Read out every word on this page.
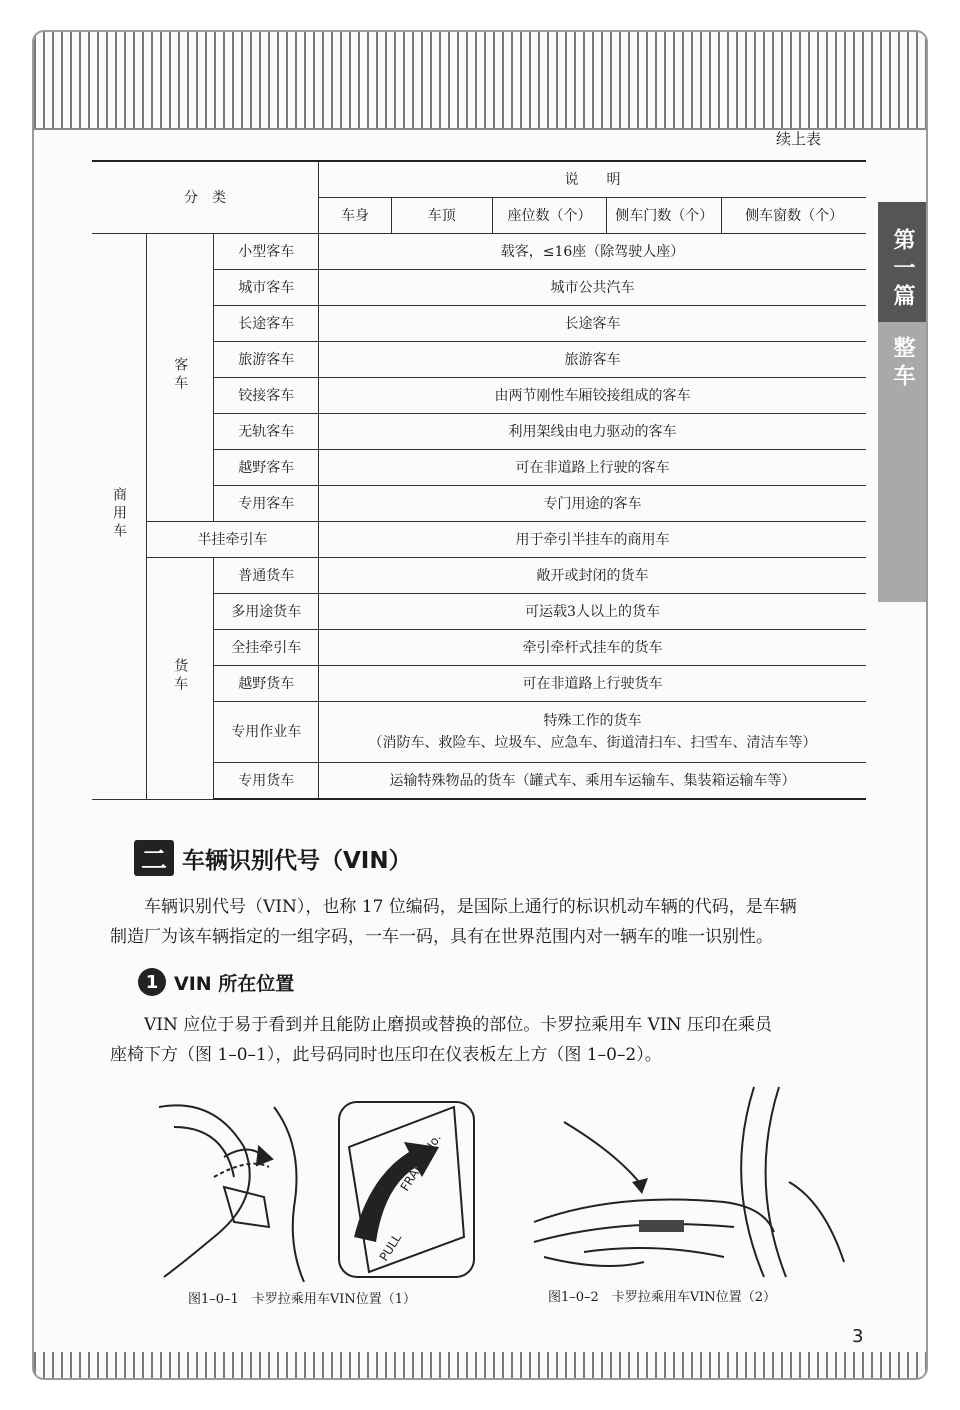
第一篇
整车
续上表
分　类			说　　明				
			车身	车顶	座位数（个）	侧车门数（个）	侧车窗数（个）
商用车	客车	小型客车	载客，≤16座（除驾驶人座）				
		城市客车	城市公共汽车				
		长途客车	长途客车				
		旅游客车	旅游客车				
		铰接客车	由两节刚性车厢铰接组成的客车				
		无轨客车	利用架线由电力驱动的客车				
		越野客车	可在非道路上行驶的客车				
		专用客车	专门用途的客车				
	半挂牵引车		用于牵引半挂车的商用车				
	货车	普通货车	敞开或封闭的货车				
		多用途货车	可运载3人以上的货车				
		全挂牵引车	牵引牵杆式挂车的货车				
		越野货车	可在非道路上行驶货车				
		专用作业车	特殊工作的货车
（消防车、救险车、垃圾车、应急车、街道清扫车、扫雪车、清洁车等）				

		专用货车	运输特殊物品的货车（罐式车、乘用车运输车、集装箱运输车等）				
二 车辆识别代号（VIN）
车辆识别代号（VIN），也称 17 位编码，是国际上通行的标识机动车辆的代码，是车辆
制造厂为该车辆指定的一组字码，一车一码，具有在世界范围内对一辆车的唯一识别性。
1 VIN 所在位置
VIN 应位于易于看到并且能防止磨损或替换的部位。卡罗拉乘用车 VIN 压印在乘员
座椅下方（图 1–0–1），此号码同时也压印在仪表板左上方（图 1–0–2）。
FRAME No.
PULL
图1–0–1　卡罗拉乘用车VIN位置（1）	图1–0–2　卡罗拉乘用车VIN位置（2）
3
